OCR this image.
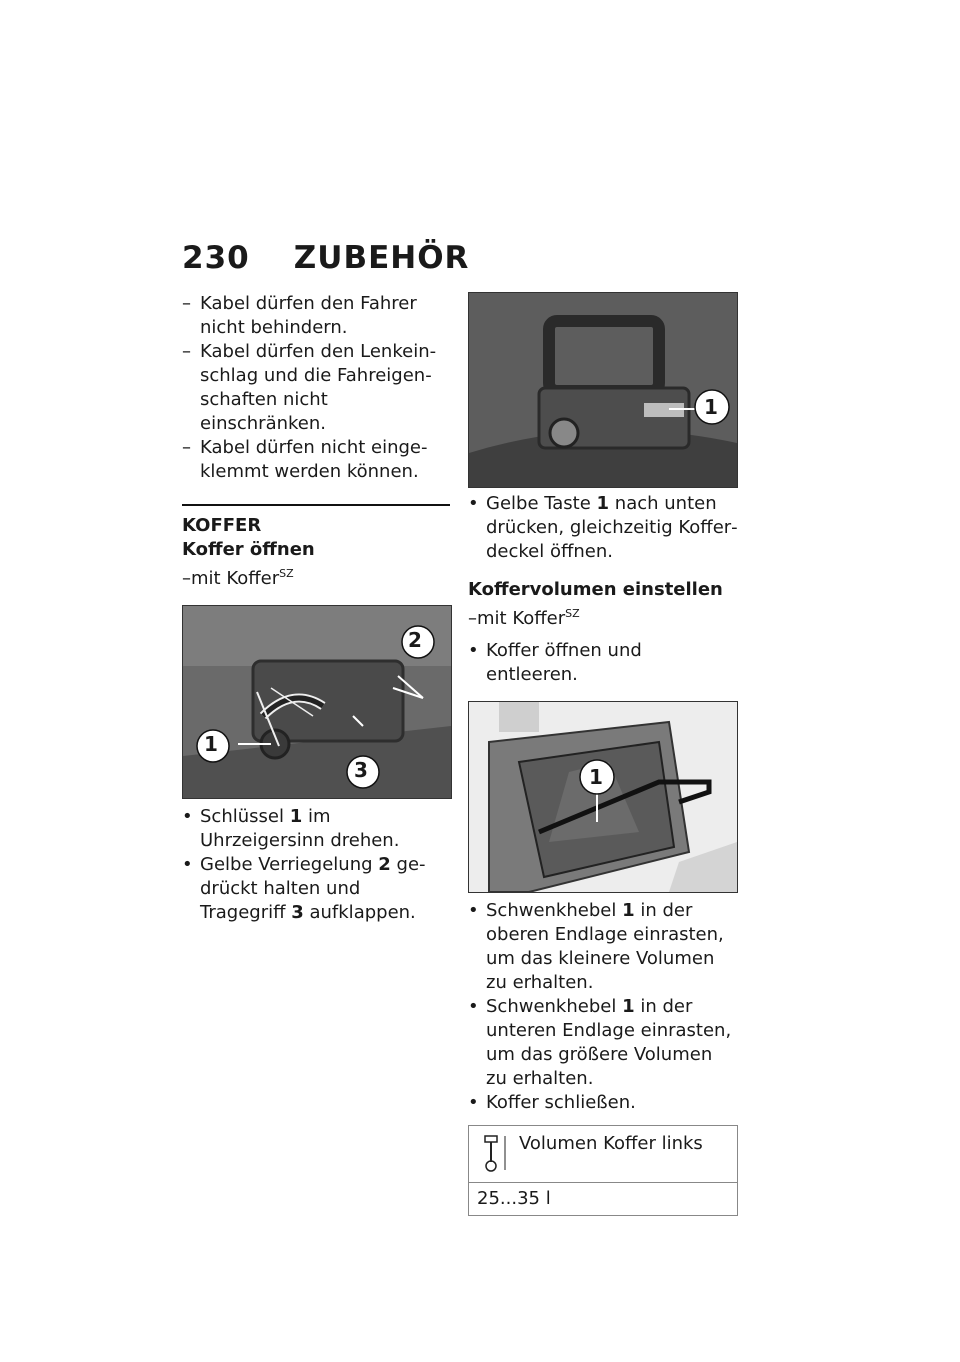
230 ZUBEHÖR

– Kabel dürfen den Fahrer nicht behindern.

– Kabel dürfen den Lenkeinschlag und die Fahreigenschaften nicht einschränken.

– Kabel dürfen nicht eingeklemmt werden können.

KOFFER

Koffer öffnen

–mit Koffer$^{SZ}$

2
1
3

• Schlüssel 1 im Uhrzeigersinn drehen.

• Gelbe Verriegelung 2 gedrückt halten und Tragegriff 3 aufklappen.

1

• Gelbe Taste 1 nach unten drücken, gleichzeitig Kofferdeckel öffnen.

Koffervolumen einstellen

–mit Koffer$^{SZ}$

• Koffer öffnen und entleeren.

1

• Schwenkhebel 1 in der oberen Endlage einrasten, um das kleinere Volumen zu erhalten.

• Schwenkhebel 1 in der unteren Endlage einrasten, um das größere Volumen zu erhalten.

• Koffer schließen.

Volumen Koffer links
25...35 l
